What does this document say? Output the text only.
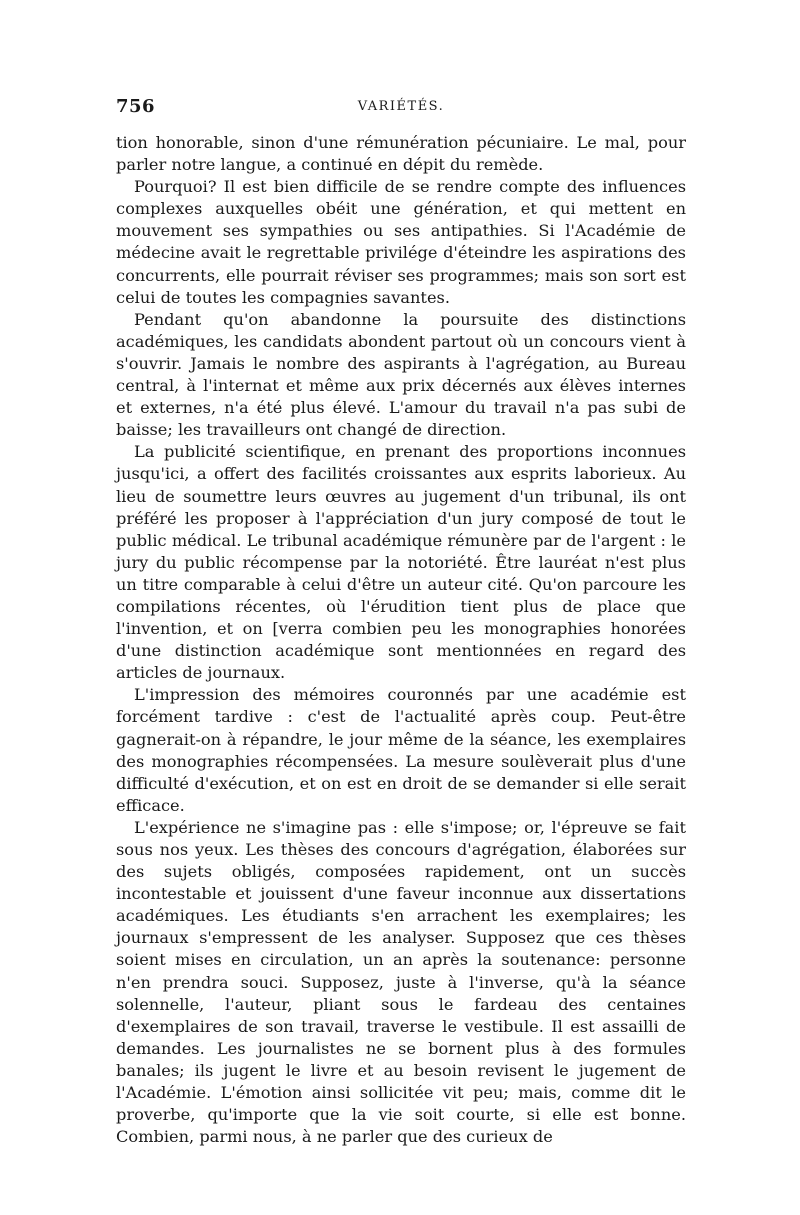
756	VARIÉTÉS.

tion honorable, sinon d'une rémunération pécuniaire. Le mal, pour parler notre langue, a continué en dépit du remède.

Pourquoi? Il est bien difficile de se rendre compte des influences complexes auxquelles obéit une génération, et qui mettent en mouvement ses sympathies ou ses antipathies. Si l'Académie de médecine avait le regrettable privilége d'éteindre les aspirations des concurrents, elle pourrait réviser ses programmes; mais son sort est celui de toutes les compagnies savantes.

Pendant qu'on abandonne la poursuite des distinctions académiques, les candidats abondent partout où un concours vient à s'ouvrir. Jamais le nombre des aspirants à l'agrégation, au Bureau central, à l'internat et même aux prix décernés aux élèves internes et externes, n'a été plus élevé. L'amour du travail n'a pas subi de baisse; les travailleurs ont changé de direction.

La publicité scientifique, en prenant des proportions inconnues jusqu'ici, a offert des facilités croissantes aux esprits laborieux. Au lieu de soumettre leurs œuvres au jugement d'un tribunal, ils ont préféré les proposer à l'appréciation d'un jury composé de tout le public médical. Le tribunal académique rémunère par de l'argent : le jury du public récompense par la notoriété. Être lauréat n'est plus un titre comparable à celui d'être un auteur cité. Qu'on parcoure les compilations récentes, où l'érudition tient plus de place que l'invention, et on [verra combien peu les monographies honorées d'une distinction académique sont mentionnées en regard des articles de journaux.

L'impression des mémoires couronnés par une académie est forcément tardive : c'est de l'actualité après coup. Peut-être gagnerait-on à répandre, le jour même de la séance, les exemplaires des monographies récompensées. La mesure soulèverait plus d'une difficulté d'exécution, et on est en droit de se demander si elle serait efficace.

L'expérience ne s'imagine pas : elle s'impose; or, l'épreuve se fait sous nos yeux. Les thèses des concours d'agrégation, élaborées sur des sujets obligés, composées rapidement, ont un succès incontestable et jouissent d'une faveur inconnue aux dissertations académiques. Les étudiants s'en arrachent les exemplaires; les journaux s'empressent de les analyser. Supposez que ces thèses soient mises en circulation, un an après la soutenance: personne n'en prendra souci. Supposez, juste à l'inverse, qu'à la séance solennelle, l'auteur, pliant sous le fardeau des centaines d'exemplaires de son travail, traverse le vestibule. Il est assailli de demandes. Les journalistes ne se bornent plus à des formules banales; ils jugent le livre et au besoin revisent le jugement de l'Académie. L'émotion ainsi sollicitée vit peu; mais, comme dit le proverbe, qu'importe que la vie soit courte, si elle est bonne. Combien, parmi nous, à ne parler que des curieux de
